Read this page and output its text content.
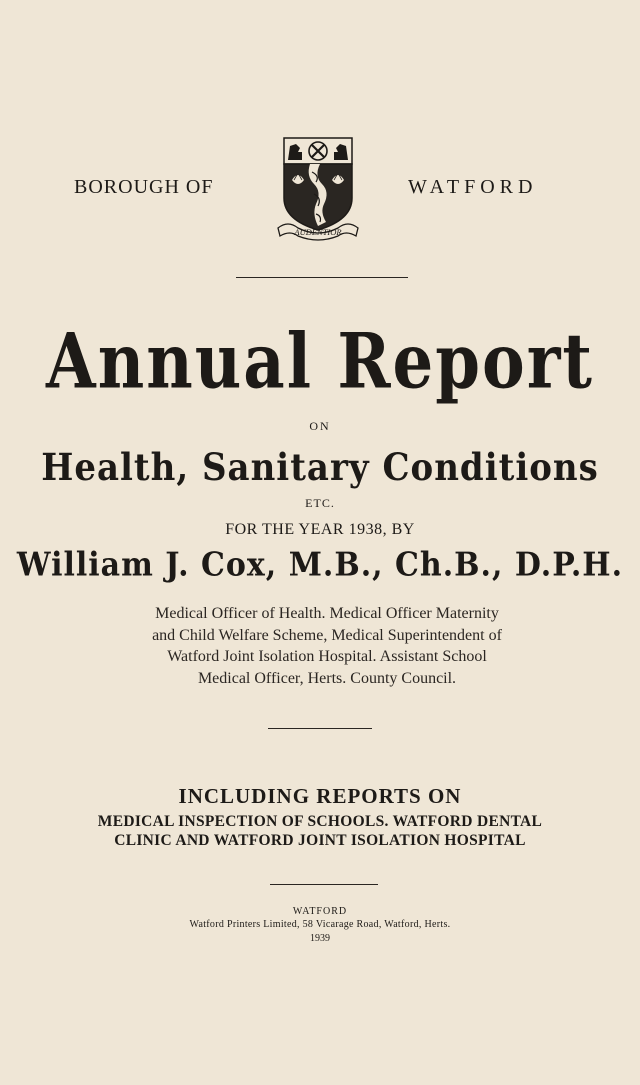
BOROUGH OF
AUDENTIOR
WATFORD
Annual Report
ON
Health, Sanitary Conditions
ETC.
FOR THE YEAR 1938, BY
William J. Cox, M.B., Ch.B., D.P.H.
Medical Officer of Health. Medical Officer Maternity
and Child Welfare Scheme, Medical Superintendent of
Watford Joint Isolation Hospital. Assistant School
Medical Officer, Herts. County Council.
INCLUDING REPORTS ON
MEDICAL INSPECTION OF SCHOOLS. WATFORD DENTAL
CLINIC AND WATFORD JOINT ISOLATION HOSPITAL
WATFORD
Watford Printers Limited, 58 Vicarage Road, Watford, Herts.
1939
